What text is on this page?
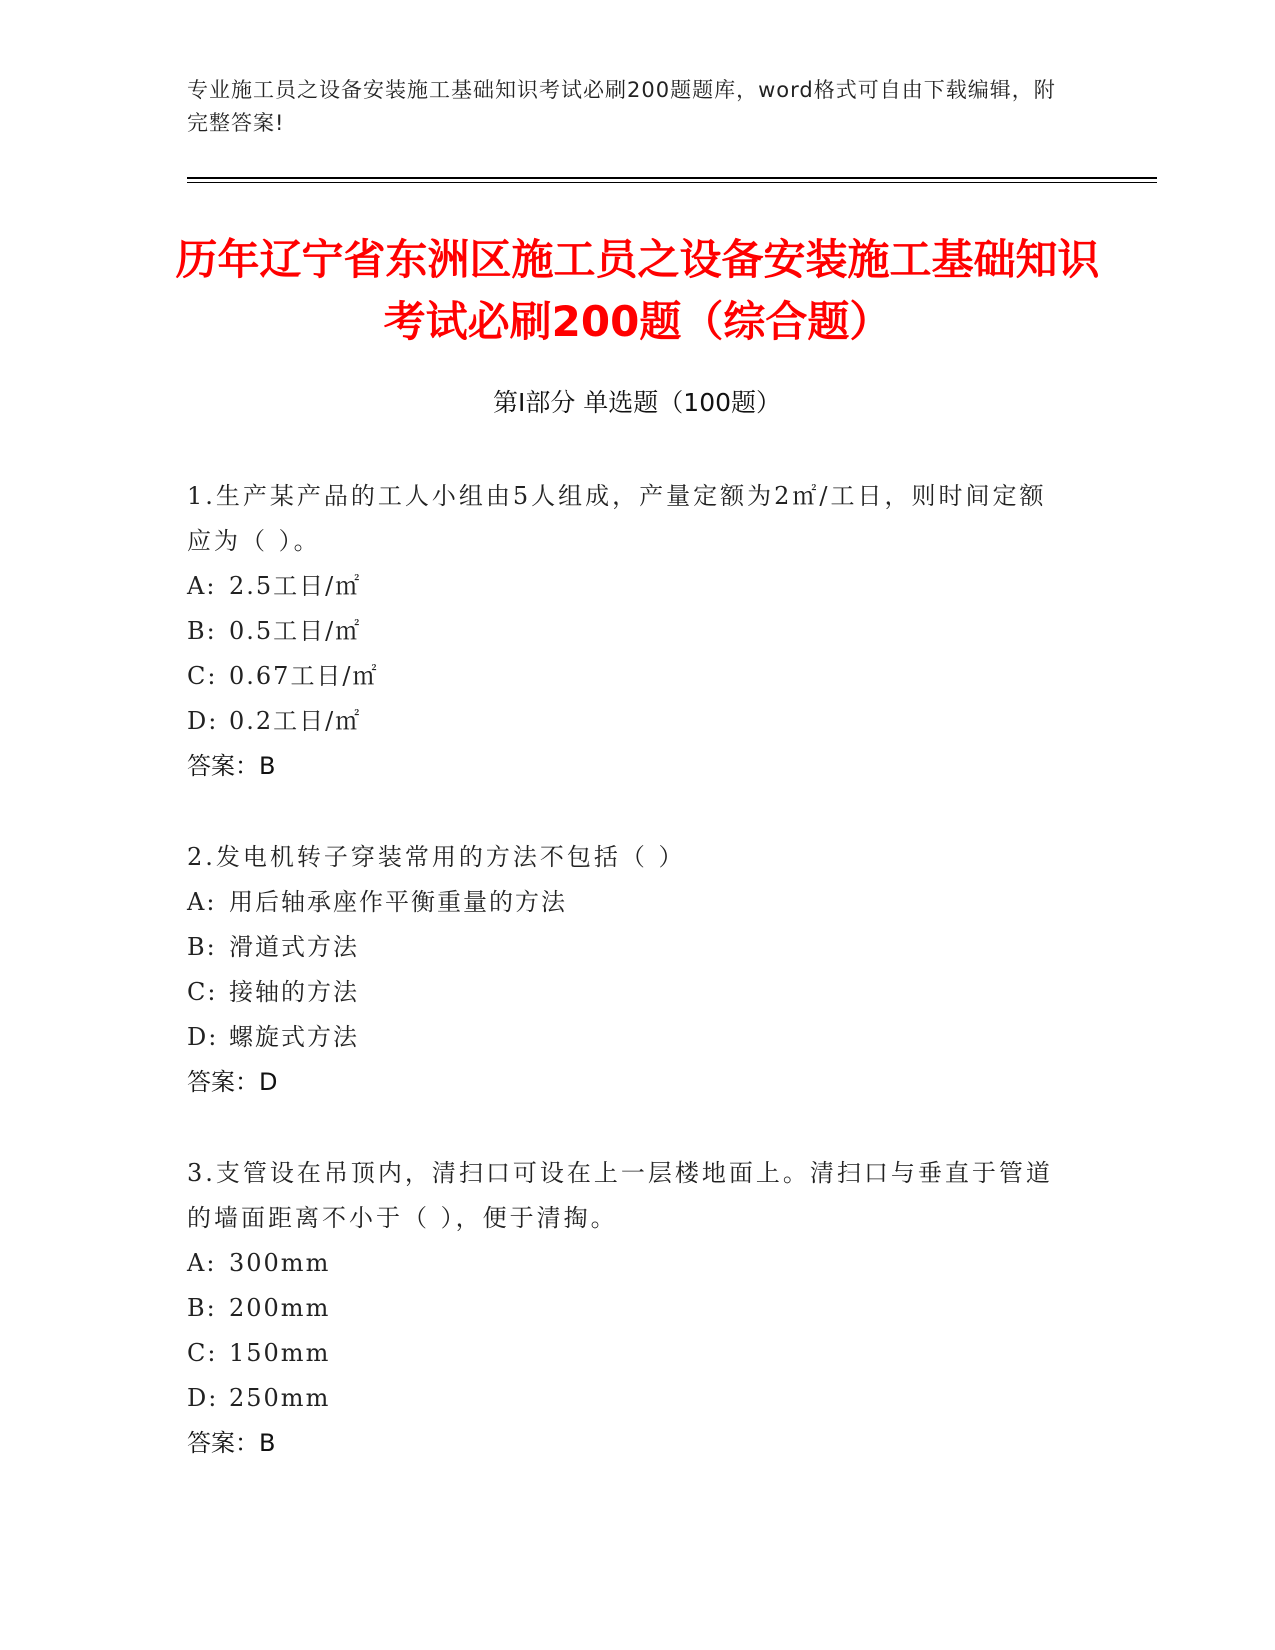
专业施工员之设备安装施工基础知识考试必刷200题题库，word格式可自由下载编辑，附完整答案!
历年辽宁省东洲区施工员之设备安装施工基础知识考试必刷200题（综合题）
第Ⅰ部分 单选题（100题）

1.生产某产品的工人小组由5人组成，产量定额为2㎡/工日，则时间定额应为（ ）。

A: 2.5工日/㎡

B: 0.5工日/㎡

C: 0.67工日/㎡

D: 0.2工日/㎡

答案：B

2.发电机转子穿装常用的方法不包括（ ）

A: 用后轴承座作平衡重量的方法

B: 滑道式方法

C: 接轴的方法

D: 螺旋式方法

答案：D

3.支管设在吊顶内，清扫口可设在上一层楼地面上。清扫口与垂直于管道的墙面距离不小于（ ），便于清掏。

A: 300mm

B: 200mm

C: 150mm

D: 250mm

答案：B
